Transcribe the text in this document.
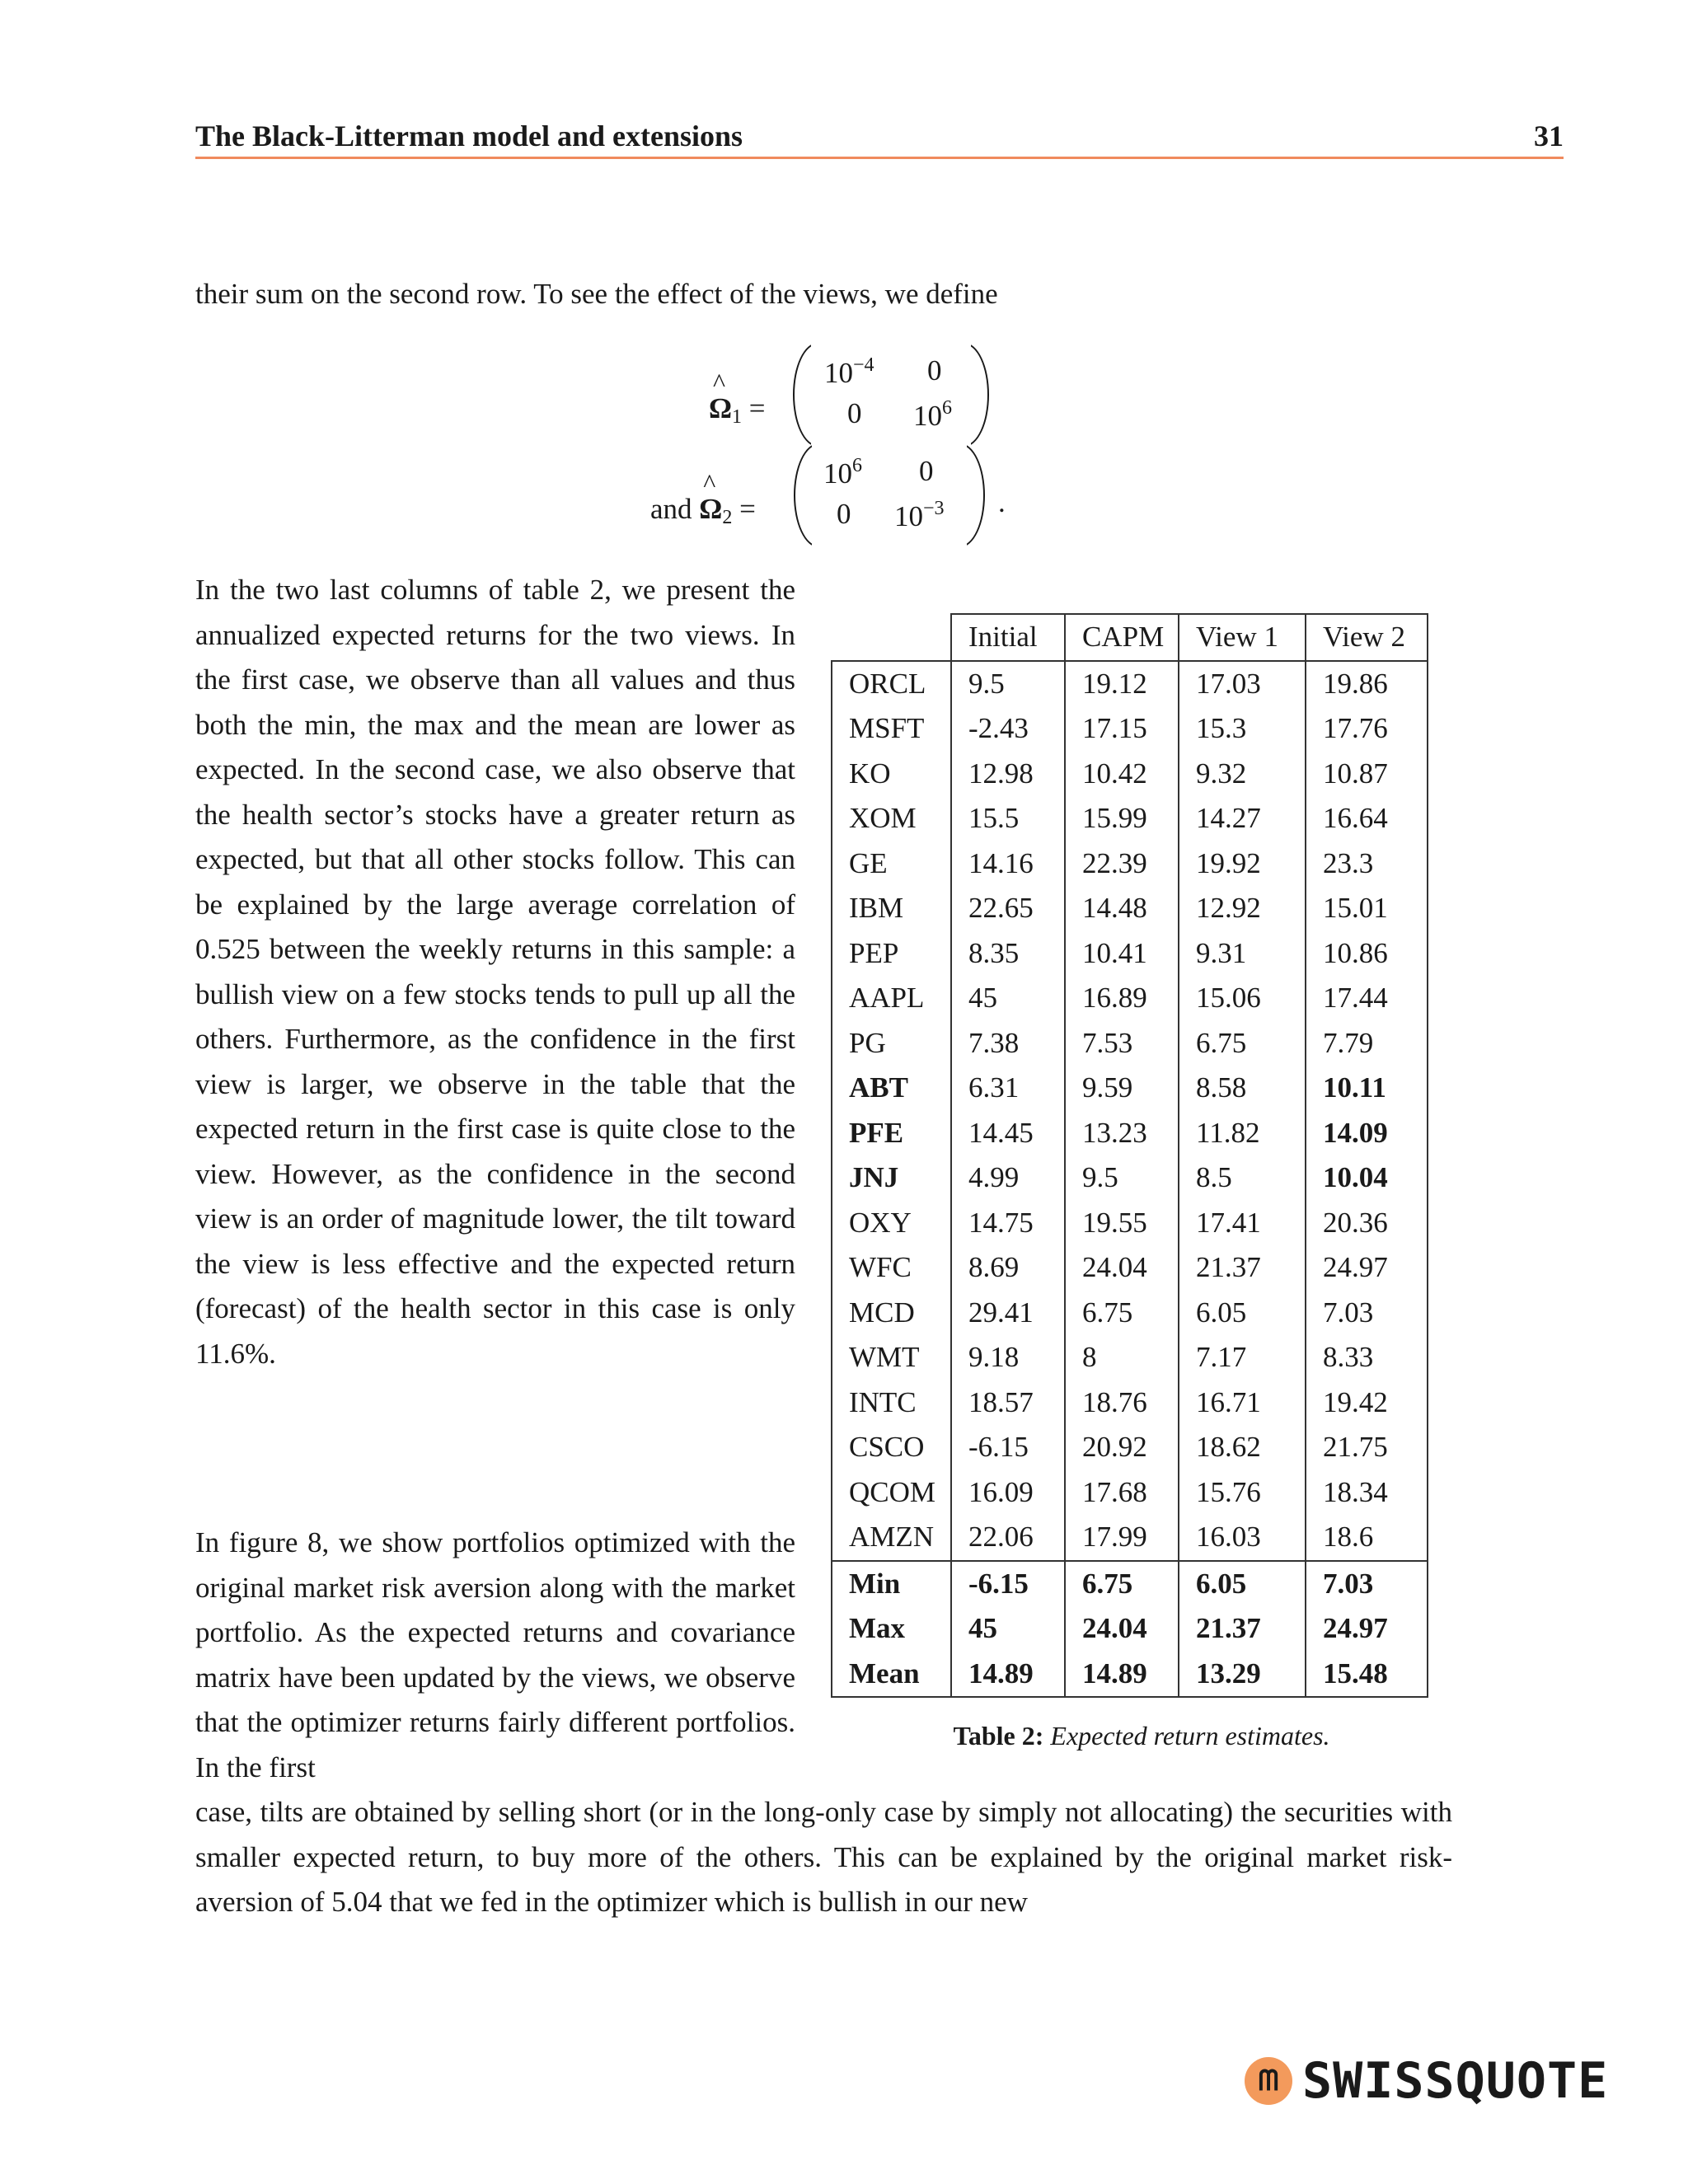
The Black-Litterman model and extensions	31

their sum on the second row. To see the effect of the views, we define

^
$\Omega_1$ =
$10^{-4}$ 0
0 $10^6$
and
^
$\Omega_2$ =
$10^6$ 0
0 $10^{-3}$ .

In the two last columns of table 2, we present the annualized expected returns for the two views. In the first case, we observe than all values and thus both the min, the max and the mean are lower as expected. In the second case, we also observe that the health sector’s stocks have a greater return as expected, but that all other stocks follow. This can be explained by the large average correlation of 0.525 between the weekly returns in this sample: a bullish view on a few stocks tends to pull up all the others. Furthermore, as the confidence in the first view is larger, we observe in the table that the expected return in the first case is quite close to the view. However, as the confidence in the second view is an order of magnitude lower, the tilt toward the view is less effective and the expected return (forecast) of the health sector in this case is only 11.6%.

	Initial	CAPM	View 1	View 2
ORCL	9.5	19.12	17.03	19.86
MSFT	-2.43	17.15	15.3	17.76
KO	12.98	10.42	9.32	10.87
XOM	15.5	15.99	14.27	16.64
GE	14.16	22.39	19.92	23.3
IBM	22.65	14.48	12.92	15.01
PEP	8.35	10.41	9.31	10.86
AAPL	45	16.89	15.06	17.44
PG	7.38	7.53	6.75	7.79
ABT	6.31	9.59	8.58	10.11
PFE	14.45	13.23	11.82	14.09
JNJ	4.99	9.5	8.5	10.04
OXY	14.75	19.55	17.41	20.36
WFC	8.69	24.04	21.37	24.97
MCD	29.41	6.75	6.05	7.03
WMT	9.18	8	7.17	8.33
INTC	18.57	18.76	16.71	19.42
CSCO	-6.15	20.92	18.62	21.75
QCOM	16.09	17.68	15.76	18.34
AMZN	22.06	17.99	16.03	18.6
Min	-6.15	6.75	6.05	7.03
Max	45	24.04	21.37	24.97
Mean	14.89	14.89	13.29	15.48
Table 2: Expected return estimates.

In figure 8, we show portfolios optimized with the original market risk aversion along with the market portfolio. As the expected returns and covariance matrix have been updated by the views, we observe that the optimizer returns fairly different portfolios. In the first

case, tilts are obtained by selling short (or in the long-only case by simply not allocating) the securities with smaller expected return, to buy more of the others. This can be explained by the original market risk-aversion of 5.04 that we fed in the optimizer which is bullish in our new

ᗰ SWISSQUOTE
